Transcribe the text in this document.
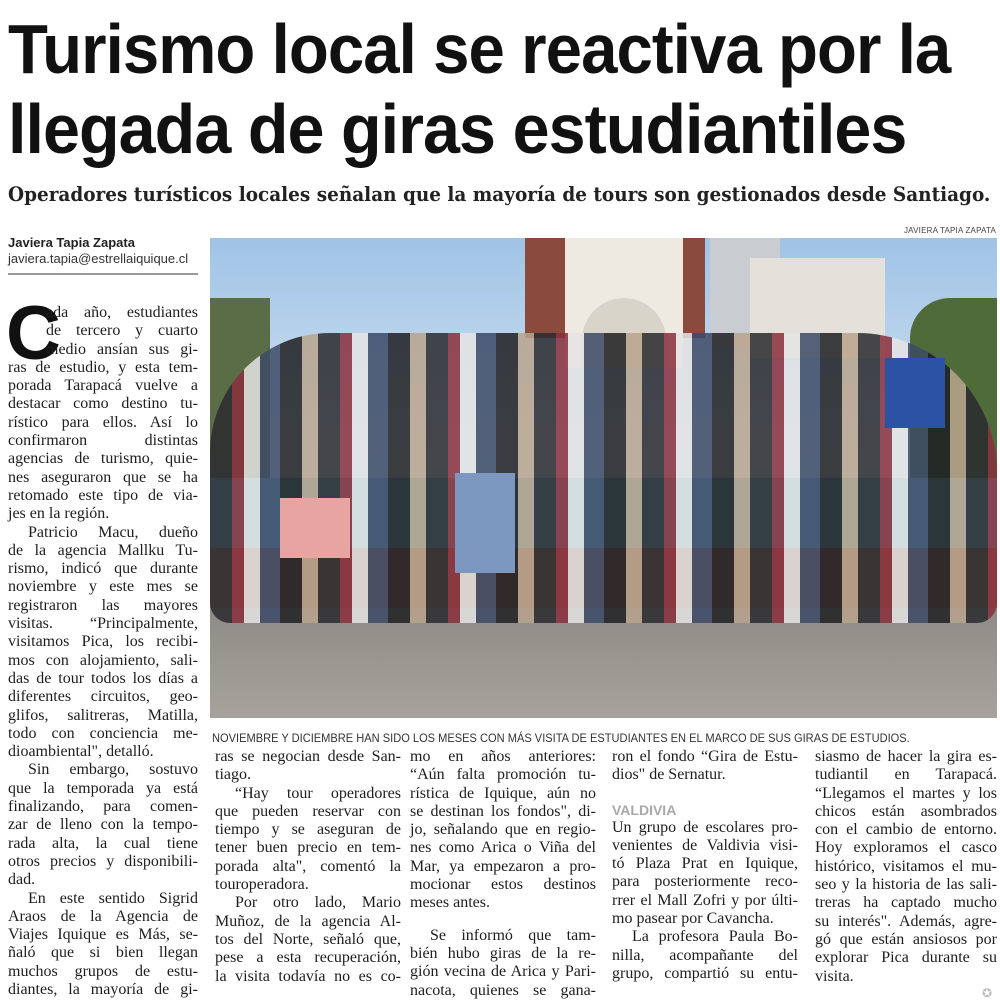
Turismo local se reactiva por la
llegada de giras estudiantiles
Operadores turísticos locales señalan que la mayoría de tours son gestionados desde Santiago.
Javiera Tapia Zapata
javiera.tapia@estrellaiquique.cl
JAVIERA TAPIA ZAPATA
NOVIEMBRE Y DICIEMBRE HAN SIDO LOS MESES CON MÁS VISITA DE ESTUDIANTES EN EL MARCO DE SUS GIRAS DE ESTUDIOS.
C
ada año, estudiantes
de tercero y cuarto
medio ansían sus gi-
ras de estudio, y esta tem-
porada Tarapacá vuelve a
destacar como destino tu-
rístico para ellos. Así lo
confirmaron distintas
agencias de turismo, quie-
nes aseguraron que se ha
retomado este tipo de via-
jes en la región.
Patricio Macu, dueño
de la agencia Mallku Tu-
rismo, indicó que durante
noviembre y este mes se
registraron las mayores
visitas. “Principalmente,
visitamos Pica, los recibi-
mos con alojamiento, sali-
das de tour todos los días a
diferentes circuitos, geo-
glifos, salitreras, Matilla,
todo con conciencia me-
dioambiental", detalló.
Sin embargo, sostuvo
que la temporada ya está
finalizando, para comen-
zar de lleno con la tempo-
rada alta, la cual tiene
otros precios y disponibili-
dad.
En este sentido Sigrid
Araos de la Agencia de
Viajes Iquique es Más, se-
ñaló que si bien llegan
muchos grupos de estu-
diantes, la mayoría de gi-
ras se negocian desde San-
tiago.
“Hay tour operadores
que pueden reservar con
tiempo y se aseguran de
tener buen precio en tem-
porada alta", comentó la
touroperadora.
Por otro lado, Mario
Muñoz, de la agencia Al-
tos del Norte, señaló que,
pese a esta recuperación,
la visita todavía no es co-
mo en años anteriores:
“Aún falta promoción tu-
rística de Iquique, aún no
se destinan los fondos", di-
jo, señalando que en regio-
nes como Arica o Viña del
Mar, ya empezaron a pro-
mocionar estos destinos
meses antes.
Se informó que tam-
bién hubo giras de la re-
gión vecina de Arica y Pari-
nacota, quienes se gana-
ron el fondo “Gira de Estu-
dios" de Sernatur.
VALDIVIA
Un grupo de escolares pro-
venientes de Valdivia visi-
tó Plaza Prat en Iquique,
para posteriormente reco-
rrer el Mall Zofri y por últi-
mo pasear por Cavancha.
La profesora Paula Bo-
nilla, acompañante del
grupo, compartió su entu-
siasmo de hacer la gira es-
tudiantil en Tarapacá.
“Llegamos el martes y los
chicos están asombrados
con el cambio de entorno.
Hoy exploramos el casco
histórico, visitamos el mu-
seo y la historia de las sali-
treras ha captado mucho
su interés". Además, agre-
gó que están ansiosos por
explorar Pica durante su
visita.
✪
